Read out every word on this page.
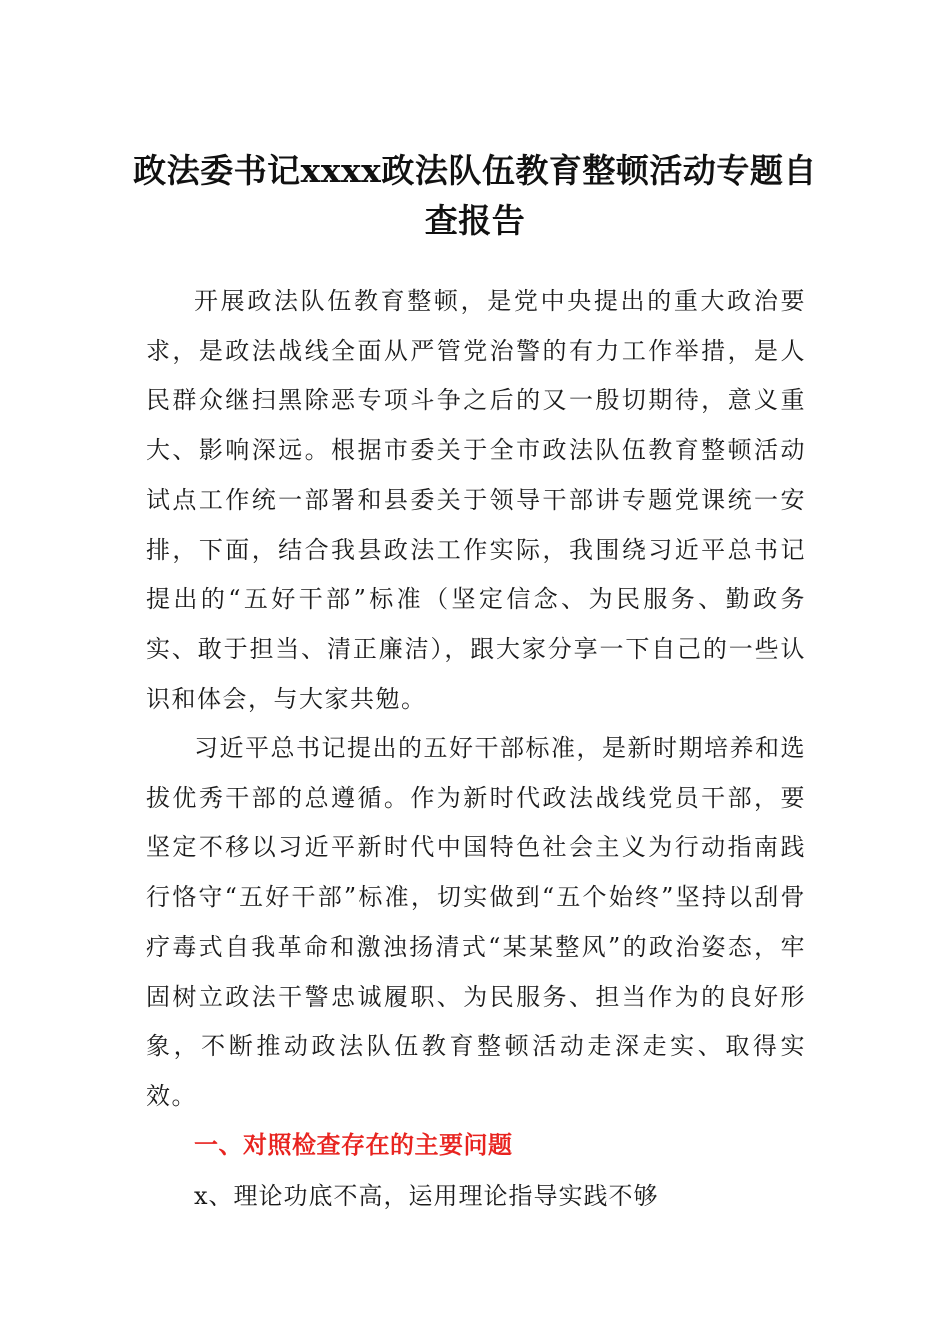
政法委书记xxxx政法队伍教育整顿活动专题自查报告

开展政法队伍教育整顿，是党中央提出的重大政治要求，是政法战线全面从严管党治警的有力工作举措，是人民群众继扫黑除恶专项斗争之后的又一殷切期待，意义重大、影响深远。根据市委关于全市政法队伍教育整顿活动试点工作统一部署和县委关于领导干部讲专题党课统一安排，下面，结合我县政法工作实际，我围绕习近平总书记提出的“五好干部”标准（坚定信念、为民服务、勤政务实、敢于担当、清正廉洁），跟大家分享一下自己的一些认识和体会，与大家共勉。

习近平总书记提出的五好干部标准，是新时期培养和选拔优秀干部的总遵循。作为新时代政法战线党员干部，要坚定不移以习近平新时代中国特色社会主义为行动指南践行恪守“五好干部”标准，切实做到“五个始终”坚持以刮骨疗毒式自我革命和激浊扬清式“某某整风”的政治姿态，牢固树立政法干警忠诚履职、为民服务、担当作为的良好形象，不断推动政法队伍教育整顿活动走深走实、取得实效。

一、对照检查存在的主要问题

x、理论功底不高，运用理论指导实践不够
